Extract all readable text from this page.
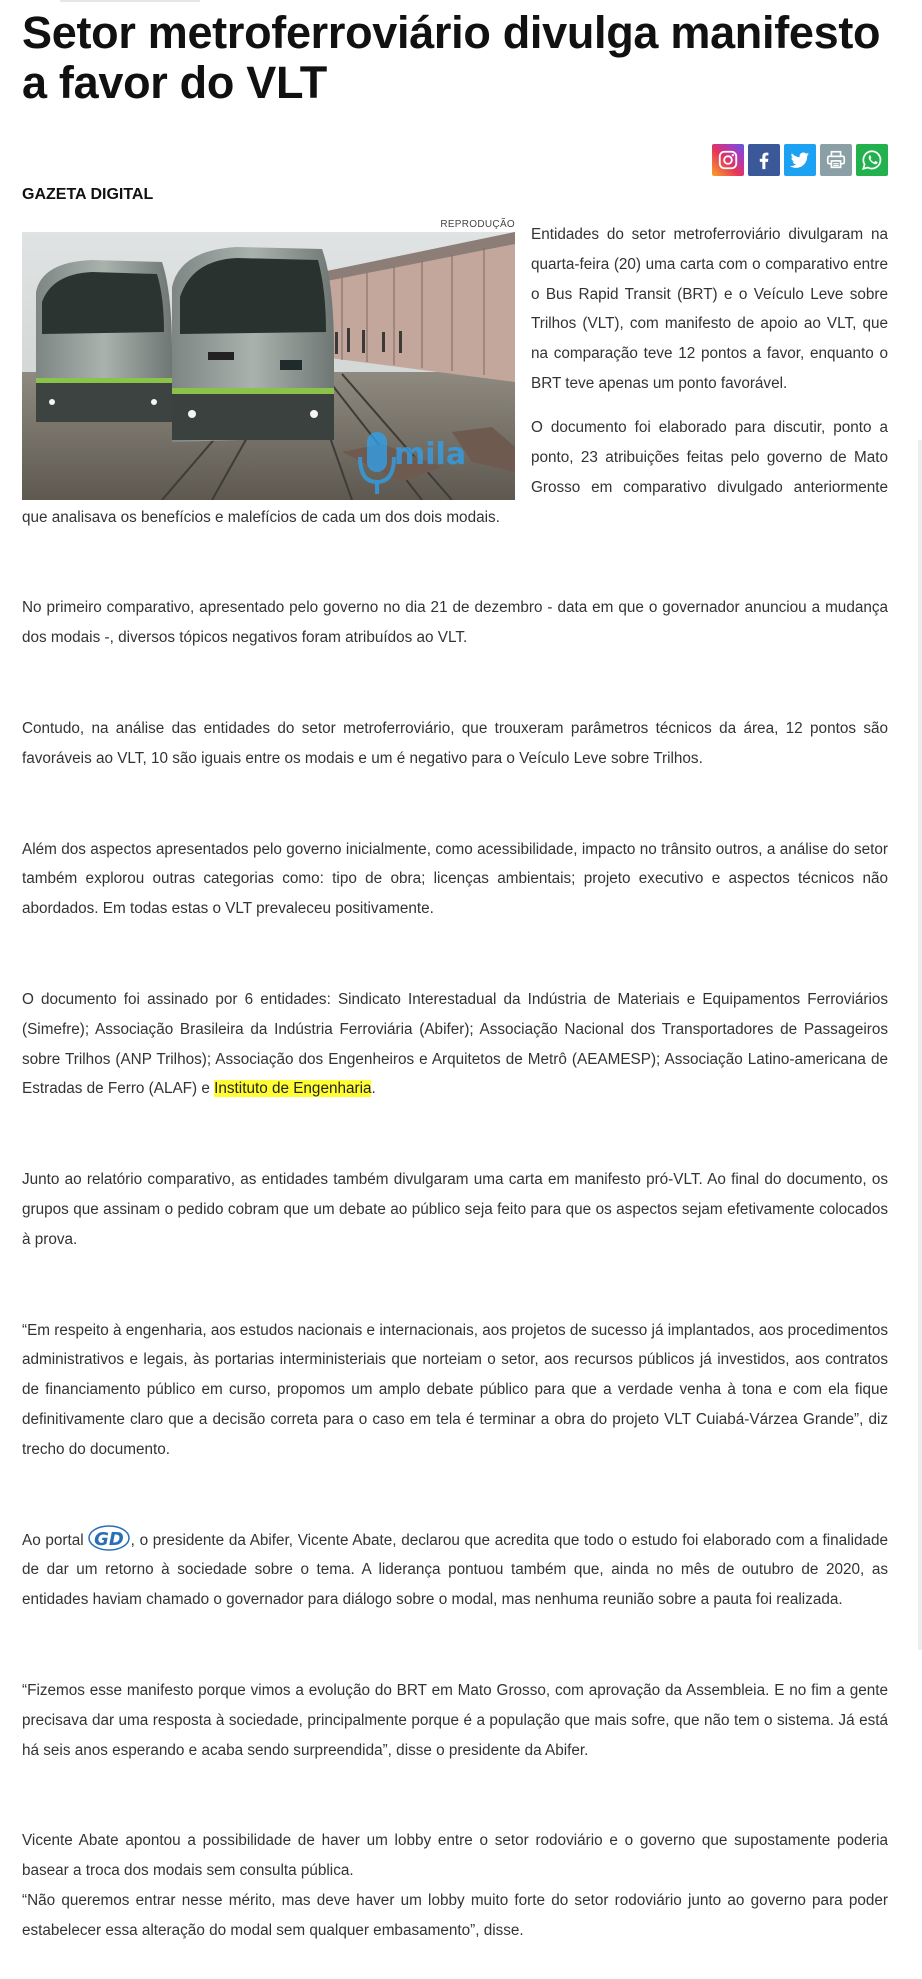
Setor metroferroviário divulga manifesto a favor do VLT
GAZETA DIGITAL
REPRODUÇÃO
mila

Entidades do setor metroferroviário divulgaram na quarta-feira (20) uma carta com o comparativo entre o Bus Rapid Transit (BRT) e o Veículo Leve sobre Trilhos (VLT), com manifesto de apoio ao VLT, que na comparação teve 12 pontos a favor, enquanto o BRT teve apenas um ponto favorável.

O documento foi elaborado para discutir, ponto a ponto, 23 atribuições feitas pelo governo de Mato Grosso em comparativo divulgado anteriormente que analisava os benefícios e malefícios de cada um dos dois modais.

No primeiro comparativo, apresentado pelo governo no dia 21 de dezembro - data em que o governador anunciou a mudança dos modais -, diversos tópicos negativos foram atribuídos ao VLT.

Contudo, na análise das entidades do setor metroferroviário, que trouxeram parâmetros técnicos da área, 12 pontos são favoráveis ao VLT, 10 são iguais entre os modais e um é negativo para o Veículo Leve sobre Trilhos.

Além dos aspectos apresentados pelo governo inicialmente, como acessibilidade, impacto no trânsito outros, a análise do setor também explorou outras categorias como: tipo de obra; licenças ambientais; projeto executivo e aspectos técnicos não abordados. Em todas estas o VLT prevaleceu positivamente.

O documento foi assinado por 6 entidades: Sindicato Interestadual da Indústria de Materiais e Equipamentos Ferroviários (Simefre); Associação Brasileira da Indústria Ferroviária (Abifer); Associação Nacional dos Transportadores de Passageiros sobre Trilhos (ANP Trilhos); Associação dos Engenheiros e Arquitetos de Metrô (AEAMESP); Associação Latino-americana de Estradas de Ferro (ALAF) e Instituto de Engenharia.

Junto ao relatório comparativo, as entidades também divulgaram uma carta em manifesto pró-VLT. Ao final do documento, os grupos que assinam o pedido cobram que um debate ao público seja feito para que os aspectos sejam efetivamente colocados à prova.

“Em respeito à engenharia, aos estudos nacionais e internacionais, aos projetos de sucesso já implantados, aos procedimentos administrativos e legais, às portarias interministeriais que norteiam o setor, aos recursos públicos já investidos, aos contratos de financiamento público em curso, propomos um amplo debate público para que a verdade venha à tona e com ela fique definitivamente claro que a decisão correta para o caso em tela é terminar a obra do projeto VLT Cuiabá-Várzea Grande”, diz trecho do documento.

Ao portal GD , o presidente da Abifer, Vicente Abate, declarou que acredita que todo o estudo foi elaborado com a finalidade de dar um retorno à sociedade sobre o tema. A liderança pontuou também que, ainda no mês de outubro de 2020, as entidades haviam chamado o governador para diálogo sobre o modal, mas nenhuma reunião sobre a pauta foi realizada.

“Fizemos esse manifesto porque vimos a evolução do BRT em Mato Grosso, com aprovação da Assembleia. E no fim a gente precisava dar uma resposta à sociedade, principalmente porque é a população que mais sofre, que não tem o sistema. Já está há seis anos esperando e acaba sendo surpreendida”, disse o presidente da Abifer.

Vicente Abate apontou a possibilidade de haver um lobby entre o setor rodoviário e o governo que supostamente poderia basear a troca dos modais sem consulta pública.

“Não queremos entrar nesse mérito, mas deve haver um lobby muito forte do setor rodoviário junto ao governo para poder estabelecer essa alteração do modal sem qualquer embasamento”, disse.
